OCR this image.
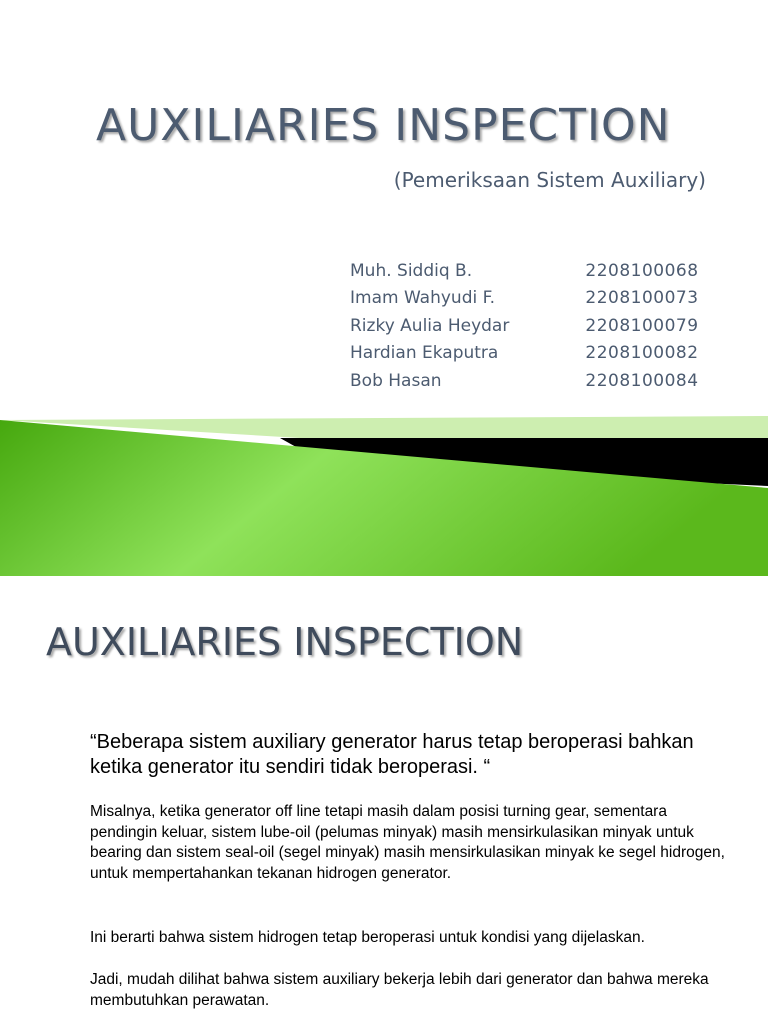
AUXILIARIES INSPECTION
(Pemeriksaan Sistem Auxiliary)
Muh. Siddiq B.	2208100068
Imam Wahyudi F.	2208100073
Rizky Aulia Heydar	2208100079
Hardian Ekaputra	2208100082
Bob Hasan	2208100084
AUXILIARIES INSPECTION
“Beberapa sistem auxiliary generator harus tetap beroperasi bahkan ketika generator itu sendiri tidak beroperasi. “
Misalnya, ketika generator off line tetapi masih dalam posisi turning gear, sementara pendingin keluar, sistem lube-oil (pelumas minyak) masih mensirkulasikan minyak untuk bearing dan sistem seal-oil (segel minyak) masih mensirkulasikan minyak ke segel hidrogen, untuk mempertahankan tekanan hidrogen generator.
Ini berarti bahwa sistem hidrogen tetap beroperasi untuk kondisi yang dijelaskan.
Jadi, mudah dilihat bahwa sistem auxiliary bekerja lebih dari generator dan bahwa mereka membutuhkan perawatan.
